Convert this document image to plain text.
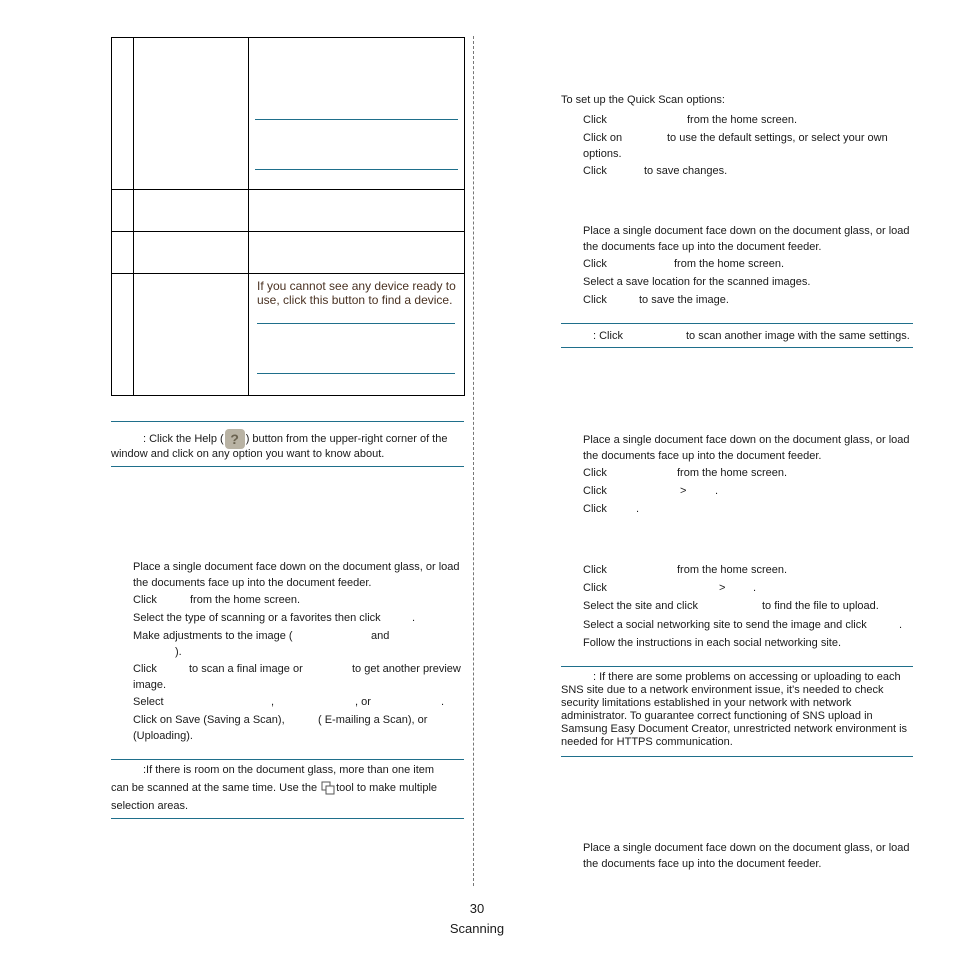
If you cannot see any device ready to use, click this button to find a device.
: Click the Help ( ? ) button from the upper-right corner of the
window and click on any option you want to know about.
Place a single document face down on the document glass, or load
the documents face up into the document feeder.
Click	from the home screen.
Select the type of scanning or a favorites then click	.
Make adjustments to the image (	and
).
Click	to scan a final image or	to get another preview
image.
Select	,	, or	.
Click on Save (Saving a Scan),	( E-mailing a Scan), or
(Uploading).
:If there is room on the document glass, more than one item
can be scanned at the same time. Use the tool to make multiple
selection areas.
To set up the Quick Scan options:
Click	from the home screen.
Click on	to use the default settings, or select your own
options.
Click	to save changes.
Place a single document face down on the document glass, or load
the documents face up into the document feeder.
Click	from the home screen.
Select a save location for the scanned images.
Click	to save the image.
: Click	to scan another image with the same settings.
Place a single document face down on the document glass, or load
the documents face up into the document feeder.
Click	from the home screen.
Click	>	.
Click	.
Click	from the home screen.
Click	>	.
Select the site and click	to find the file to upload.
Select a social networking site to send the image and click	.
Follow the instructions in each social networking site.
: If there are some problems on accessing or uploading to each
SNS site due to a network environment issue, it's needed to check
security limitations established in your network with network
administrator. To guarantee correct functioning of SNS upload in
Samsung Easy Document Creator, unrestricted network environment is
needed for HTTPS communication.
Place a single document face down on the document glass, or load
the documents face up into the document feeder.
30
Scanning
